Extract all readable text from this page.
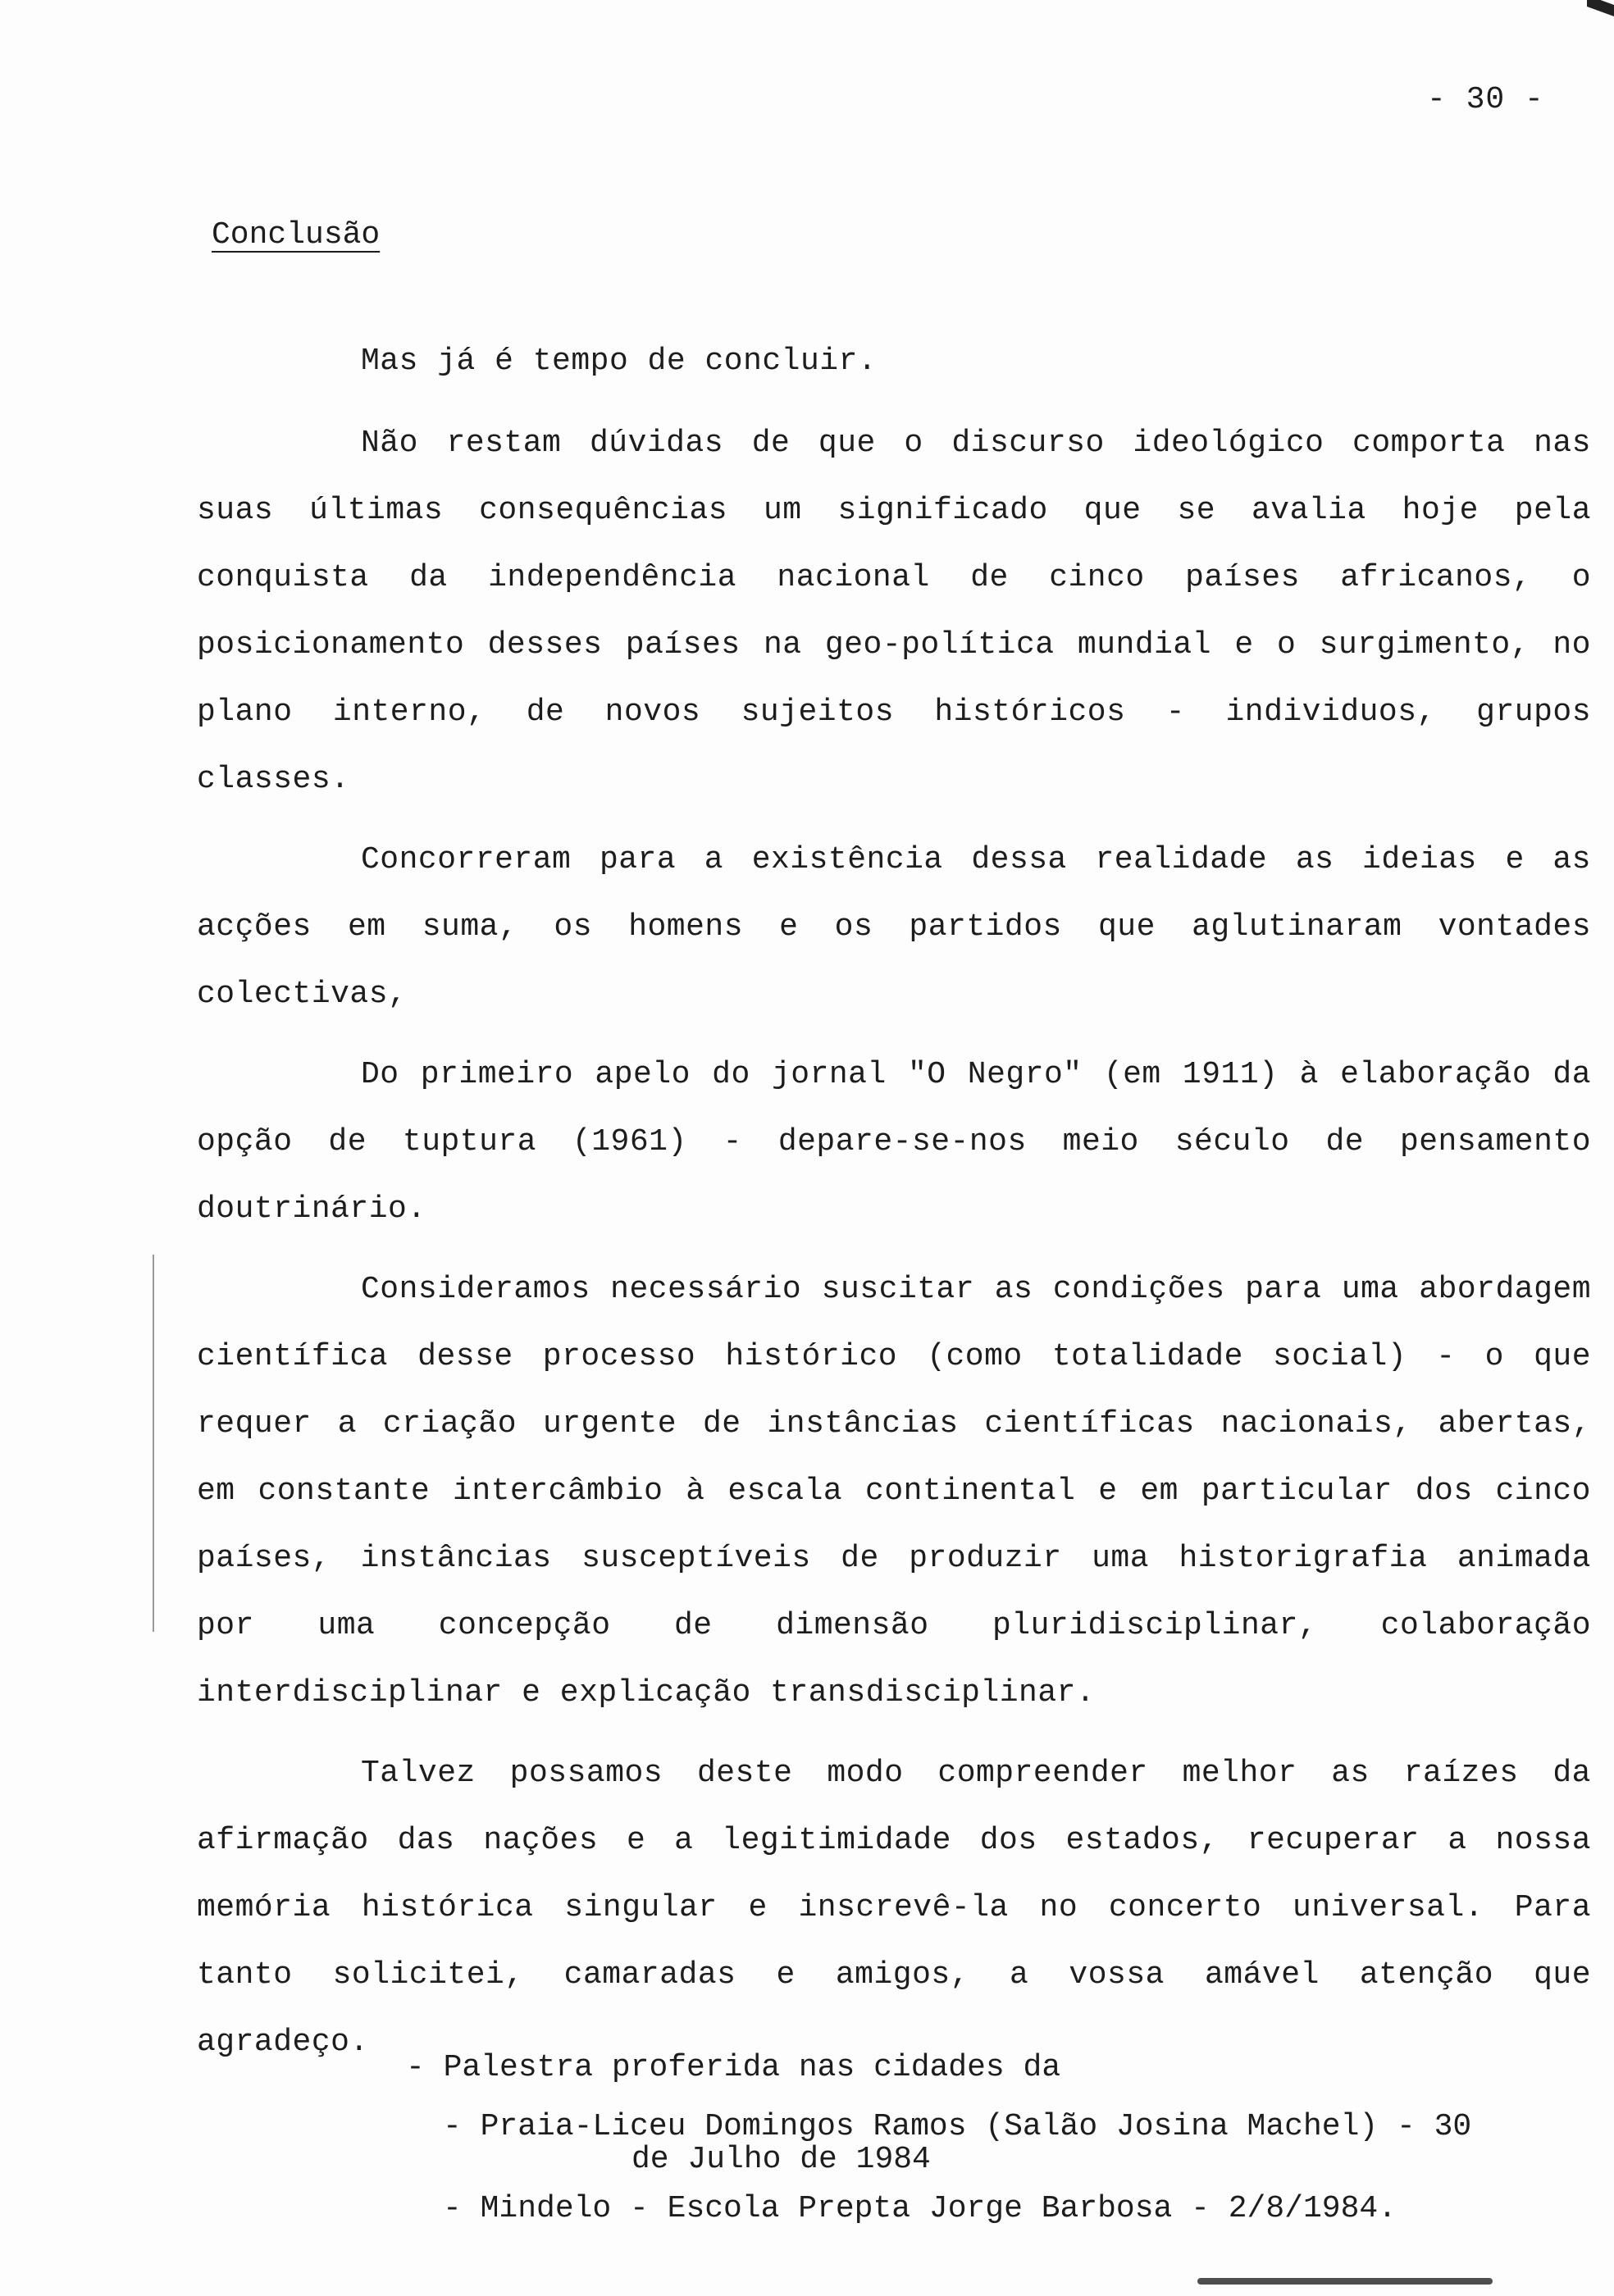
- 30 -
Conclusão

Mas já é tempo de concluir.

Não restam dúvidas de que o discurso ideológico comporta nas suas últimas consequências um significado que se avalia hoje pela conquista da independência nacional de cinco países africanos, o posicionamento desses países na geo-política mundial e o surgimento, no plano interno, de novos sujeitos históricos - individuos, grupos classes.

Concorreram para a existência dessa realidade as ideias e as acções em suma, os homens e os partidos que aglutinaram vontades colectivas,

Do primeiro apelo do jornal "O Negro" (em 1911) à elaboração da opção de tuptura (1961) - depare-se-nos meio século de pensamento doutrinário.

Consideramos necessário suscitar as condições para uma abordagem científica desse processo histórico (como totalidade social) - o que requer a criação urgente de instâncias científicas nacionais, abertas, em constante intercâmbio à escala continental e em particular dos cinco países, instâncias susceptíveis de produzir uma historigrafia animada por uma concepção de dimensão pluridisciplinar, colaboração interdisciplinar e explicação transdisciplinar.

Talvez possamos deste modo compreender melhor as raízes da afirmação das nações e a legitimidade dos estados, recuperar a nossa memória histórica singular e inscrevê-la no concerto universal. Para tanto solicitei, camaradas e amigos, a vossa amável atenção que agradeço.

- Palestra proferida nas cidades da

- Praia-Liceu Domingos Ramos (Salão Josina Machel) - 30
de Julho de 1984

- Mindelo - Escola Prepta Jorge Barbosa - 2/8/1984.
